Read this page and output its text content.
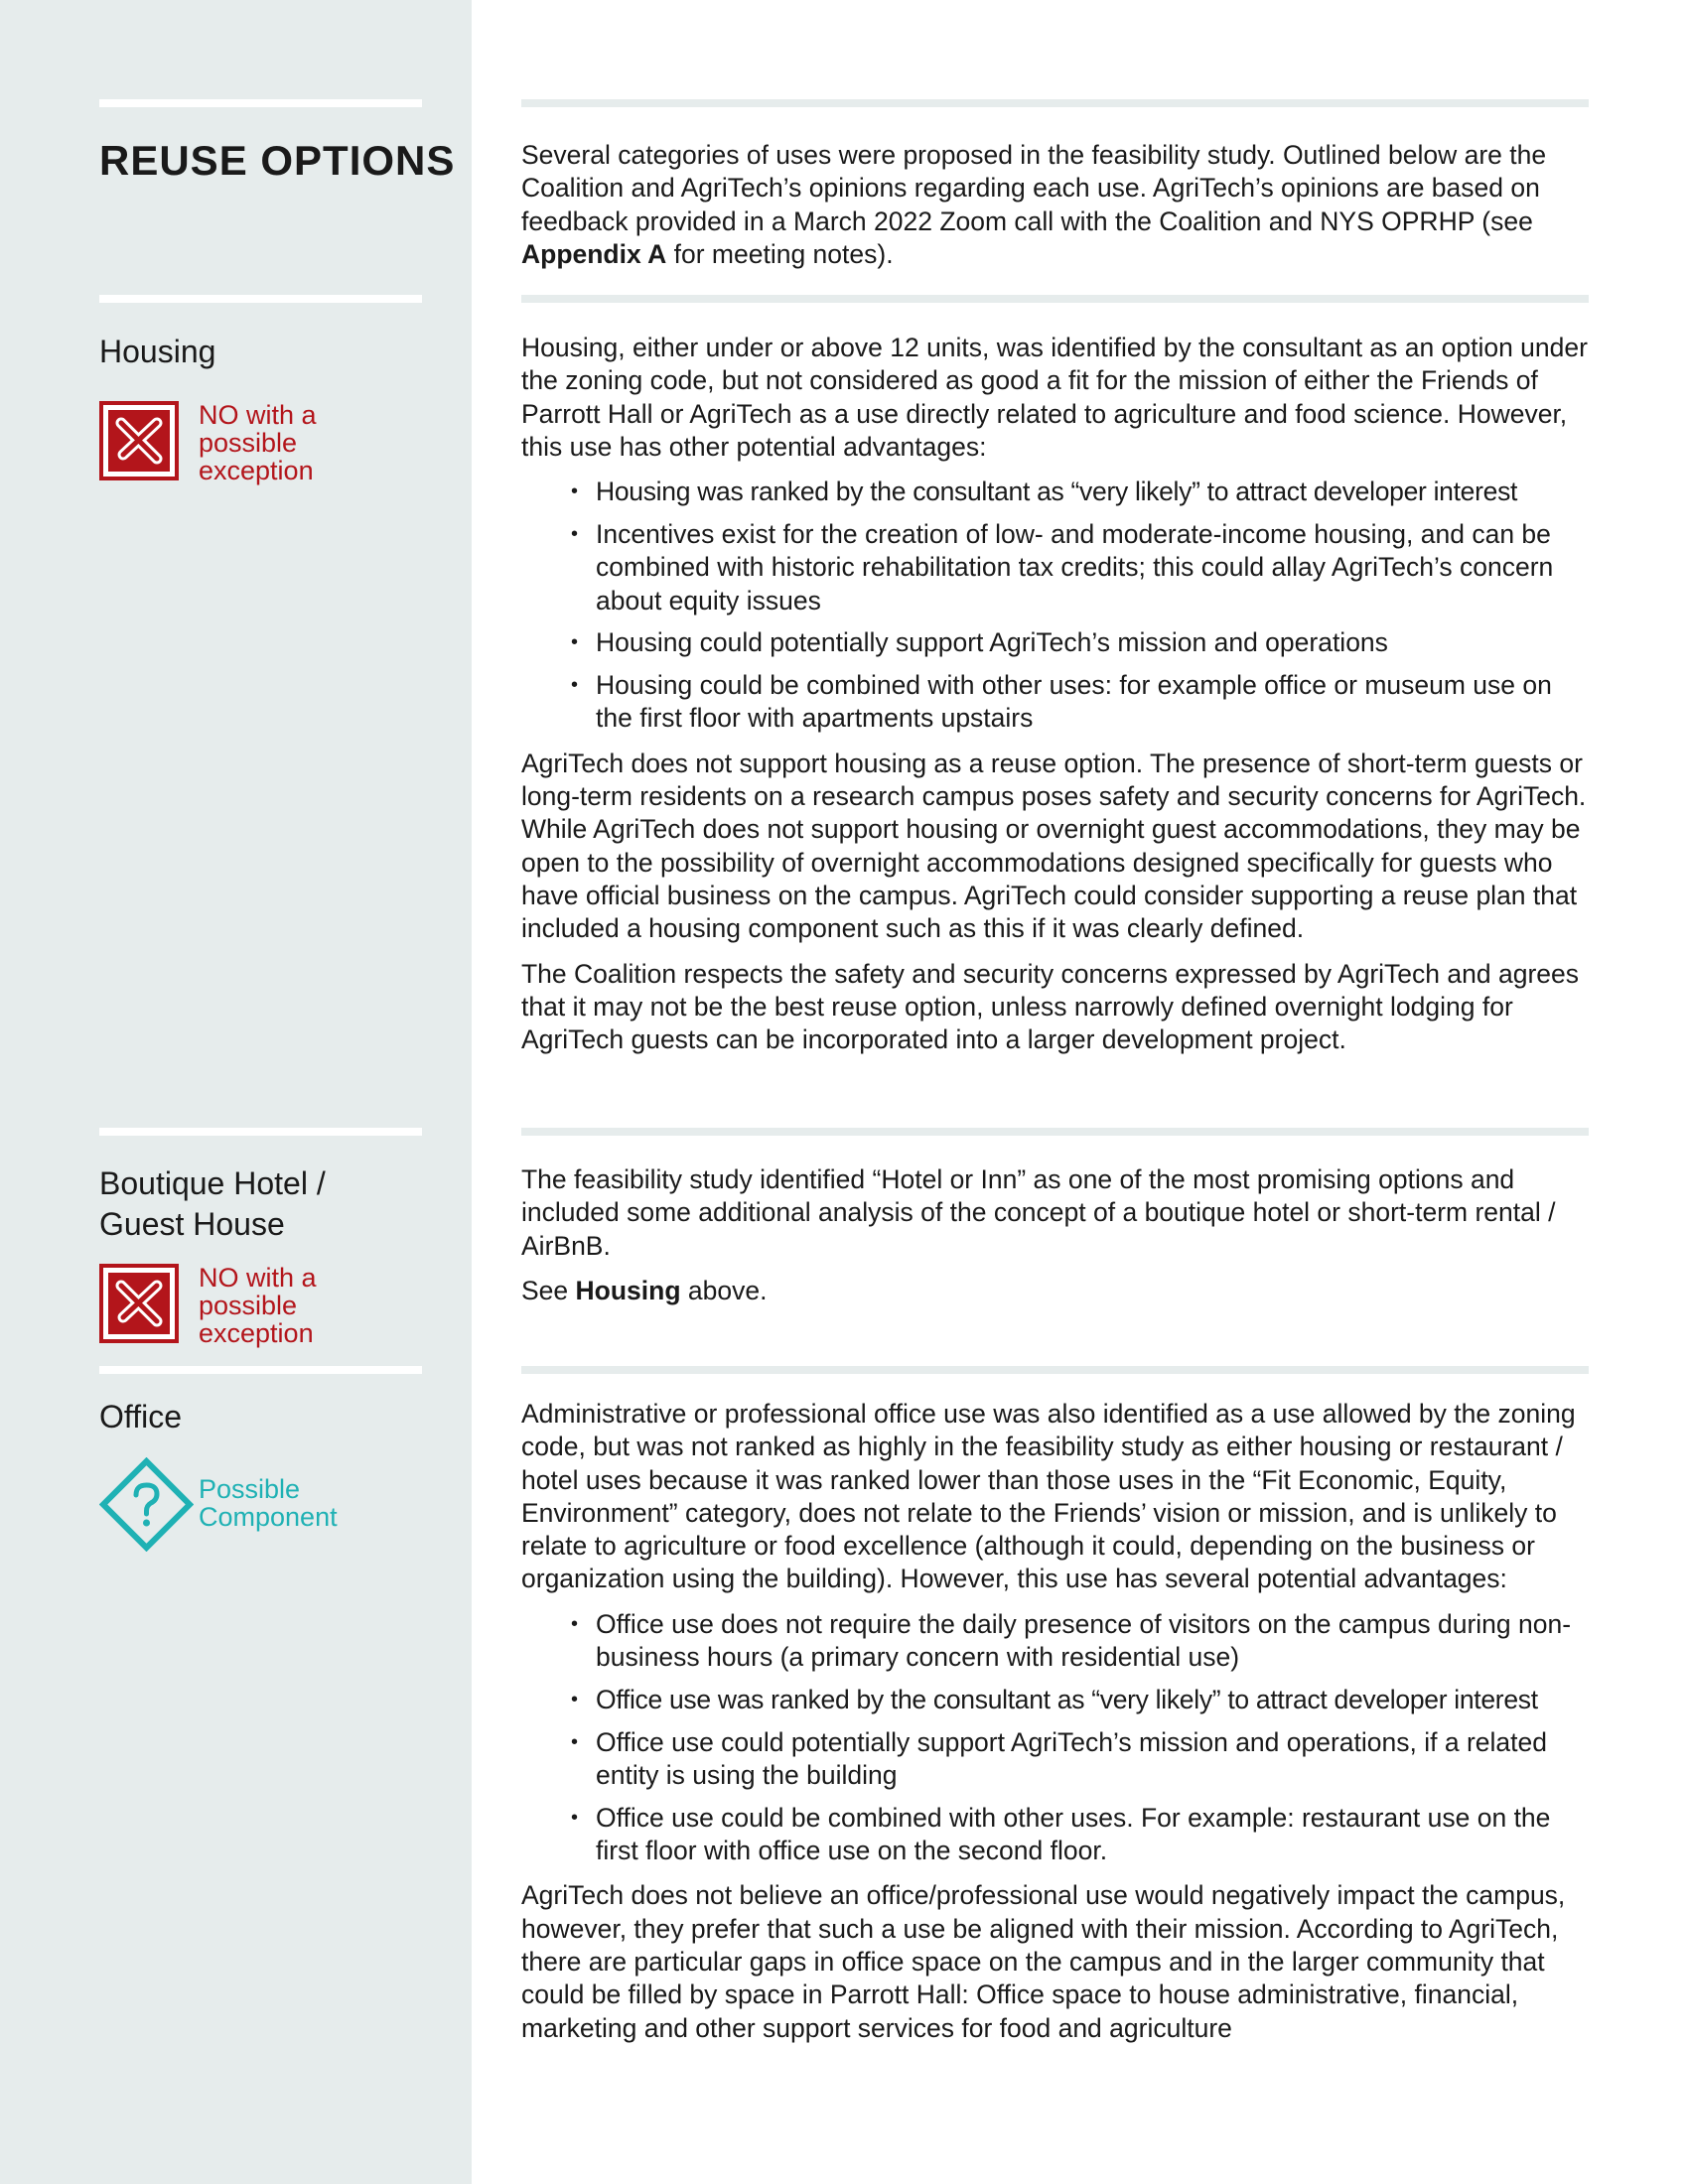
REUSE OPTIONS	Several categories of uses were proposed in the feasibility study. Outlined below are the Coalition and AgriTech’s opinions regarding each use. AgriTech’s opinions are based on feedback provided in a March 2022 Zoom call with the Coalition and NYS OPRHP (see Appendix A for meeting notes).

Housing
NO with a
possible
exception

Housing, either under or above 12 units, was identified by the consultant as an option under the zoning code, but not considered as good a fit for the mission of either the Friends of Parrott Hall or AgriTech as a use directly related to agriculture and food science. However, this use has other potential advantages:

• Housing was ranked by the consultant as “very likely” to attract developer interest
• Incentives exist for the creation of low- and moderate-income housing, and can be combined with historic rehabilitation tax credits; this could allay AgriTech’s concern about equity issues
• Housing could potentially support AgriTech’s mission and operations
• Housing could be combined with other uses: for example office or museum use on the first floor with apartments upstairs

AgriTech does not support housing as a reuse option. The presence of short-term guests or long-term residents on a research campus poses safety and security concerns for AgriTech. While AgriTech does not support housing or overnight guest accommodations, they may be open to the possibility of overnight accommodations designed specifically for guests who have official business on the campus. AgriTech could consider supporting a reuse plan that included a housing component such as this if it was clearly defined.

The Coalition respects the safety and security concerns expressed by AgriTech and agrees that it may not be the best reuse option, unless narrowly defined overnight lodging for AgriTech guests can be incorporated into a larger development project.

Boutique Hotel /
Guest House
NO with a
possible
exception

The feasibility study identified “Hotel or Inn” as one of the most promising options and included some additional analysis of the concept of a boutique hotel or short-term rental / AirBnB.

See Housing above.

Office
Possible
Component

Administrative or professional office use was also identified as a use allowed by the zoning code, but was not ranked as highly in the feasibility study as either housing or restaurant / hotel uses because it was ranked lower than those uses in the “Fit Economic, Equity, Environment” category, does not relate to the Friends’ vision or mission, and is unlikely to relate to agriculture or food excellence (although it could, depending on the business or organization using the building). However, this use has several potential advantages:

• Office use does not require the daily presence of visitors on the campus during non-business hours (a primary concern with residential use)
• Office use was ranked by the consultant as “very likely” to attract developer interest
• Office use could potentially support AgriTech’s mission and operations, if a related entity is using the building
• Office use could be combined with other uses. For example: restaurant use on the first floor with office use on the second floor.

AgriTech does not believe an office/professional use would negatively impact the campus, however, they prefer that such a use be aligned with their mission. According to AgriTech, there are particular gaps in office space on the campus and in the larger community that could be filled by space in Parrott Hall: Office space to house administrative, financial, marketing and other support services for food and agriculture
